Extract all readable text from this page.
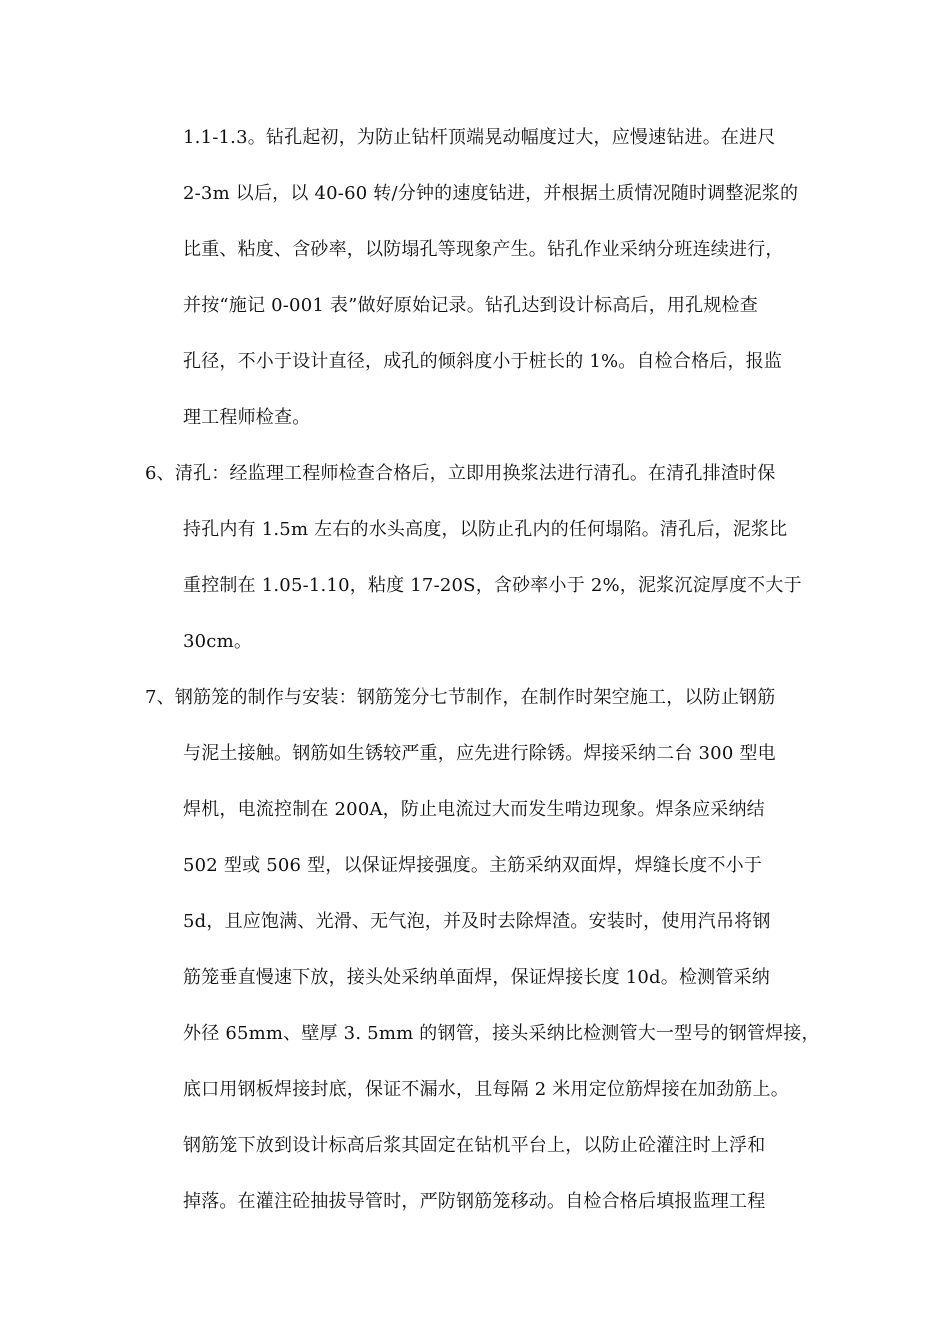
1.1-1.3。钻孔起初，为防止钻杆顶端晃动幅度过大，应慢速钻进。在进尺
2-3m 以后，以 40-60 转/分钟的速度钻进，并根据土质情况随时调整泥浆的
比重、粘度、含砂率，以防塌孔等现象产生。钻孔作业采纳分班连续进行，
并按“施记 0-001 表”做好原始记录。钻孔达到设计标高后，用孔规检查
孔径，不小于设计直径，成孔的倾斜度小于桩长的 1%。自检合格后，报监
理工程师检查。
6、清孔：经监理工程师检查合格后，立即用换浆法进行清孔。在清孔排渣时保
持孔内有 1.5m 左右的水头高度，以防止孔内的任何塌陷。清孔后，泥浆比
重控制在 1.05-1.10，粘度 17-20S，含砂率小于 2%，泥浆沉淀厚度不大于
30cm。
7、钢筋笼的制作与安装：钢筋笼分七节制作，在制作时架空施工，以防止钢筋
与泥土接触。钢筋如生锈较严重，应先进行除锈。焊接采纳二台 300 型电
焊机，电流控制在 200A，防止电流过大而发生啃边现象。焊条应采纳结
502 型或 506 型，以保证焊接强度。主筋采纳双面焊，焊缝长度不小于
5d，且应饱满、光滑、无气泡，并及时去除焊渣。安装时，使用汽吊将钢
筋笼垂直慢速下放，接头处采纳单面焊，保证焊接长度 10d。检测管采纳
外径 65mm、壁厚 3. 5mm 的钢管，接头采纳比检测管大一型号的钢管焊接，
底口用钢板焊接封底，保证不漏水，且每隔 2 米用定位筋焊接在加劲筋上。
钢筋笼下放到设计标高后浆其固定在钻机平台上，以防止砼灌注时上浮和
掉落。在灌注砼抽拔导管时，严防钢筋笼移动。自检合格后填报监理工程
